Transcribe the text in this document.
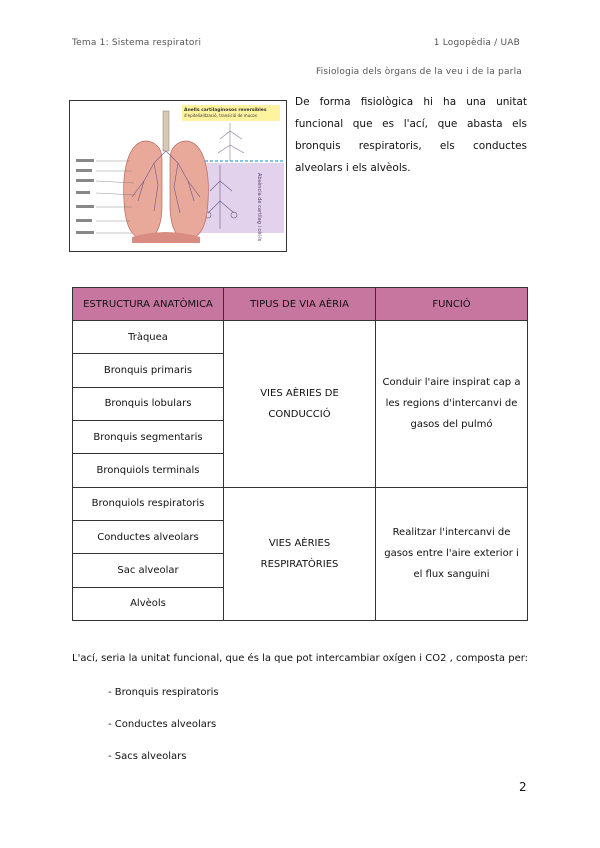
Tema 1: Sistema respiratori	1 Logopèdia / UAB
Fisiologia dels òrgans de la veu i de la parla
Anells cartilaginosos reversibles
d'epitelialització, transició de mucos
Absència de cartílag i cèl·ls
De forma fisiològica hi ha una unitat funcional que es l'ací, que abasta els bronquis respiratoris, els conductes alveolars i els alvèols.
ESTRUCTURA ANATÒMICA	TIPUS DE VIA AÈRIA	FUNCIÓ
Tràquea	VIES AÈRIES DE CONDUCCIÓ	Conduir l'aire inspirat cap a les regions d'intercanvi de gasos del pulmó
Bronquis primaris		
Bronquis lobulars		
Bronquis segmentaris		
Bronquiols terminals		
Bronquiols respiratoris	VIES AÈRIES RESPIRATÒRIES	Realitzar l'intercanvi de gasos entre l'aire exterior i el flux sanguini
Conductes alveolars		
Sac alveolar		
Alvèols		
L'ací, seria la unitat funcional, que és la que pot intercambiar oxígen i CO2 , composta per:
- Bronquis respiratoris
- Conductes alveolars
- Sacs alveolars
2
